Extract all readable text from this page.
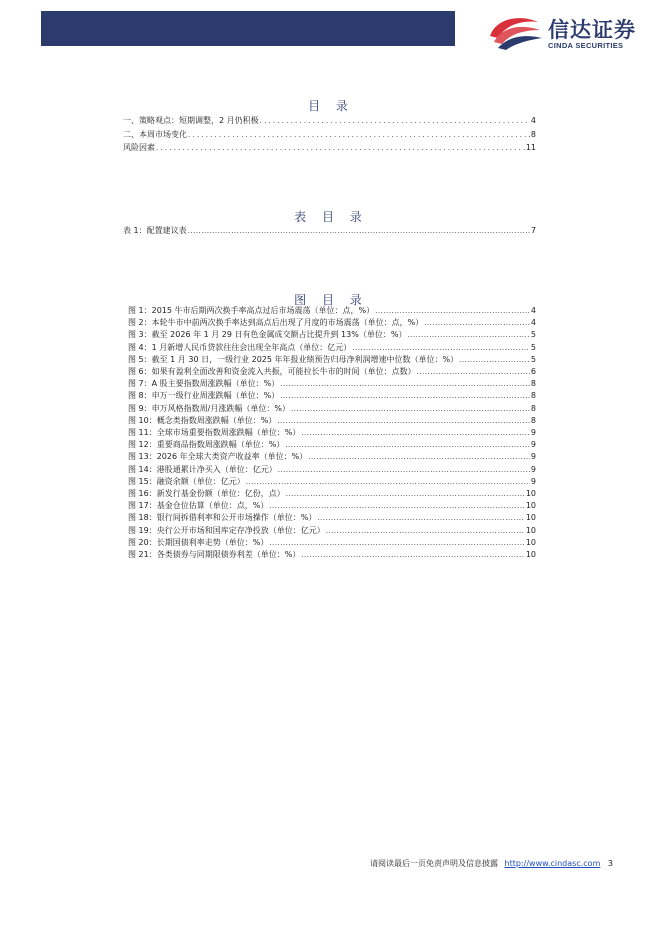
信达证券
CINDA SECURITIES
目 录
一、策略观点：短期调整，2 月仍积极 .....	4
二、本周市场变化 .....	8
风险因素 .....	11
表 目 录
表 1：配置建议表 .....	7
图 目 录
图 1：2015 牛市后期两次换手率高点过后市场震荡（单位：点，%） .....	4
图 2：本轮牛市中前两次换手率达到高点后出现了月度的市场震荡（单位：点，%） .....	4
图 3：截至 2026 年 1 月 29 日有色金属成交额占比提升到 13%（单位：%） .....	5
图 4：1 月新增人民币贷款往往会出现全年高点（单位：亿元） .....	5
图 5：截至 1 月 30 日，一级行业 2025 年年报业绩预告归母净利润增速中位数（单位：%） .....	5
图 6：如果有盈利全面改善和资金流入共振，可能拉长牛市的时间（单位：点数） .....	6
图 7：A 股主要指数周涨跌幅（单位：%） .....	8
图 8：申万一级行业周涨跌幅（单位：%） .....	8
图 9：申万风格指数周/月涨跌幅（单位：%） .....	8
图 10：概念类指数周涨跌幅（单位：%） .....	8
图 11：全球市场重要指数周涨跌幅（单位：%） .....	9
图 12：重要商品指数周涨跌幅（单位：%） .....	9
图 13：2026 年全球大类资产收益率（单位：%） .....	9
图 14：港股通累计净买入（单位：亿元） .....	9
图 15：融资余额（单位：亿元） .....	9
图 16：新发行基金份额（单位：亿份，点） .....	10
图 17：基金仓位估算（单位：点，%） .....	10
图 18：银行间拆借利率和公开市场操作（单位：%） .....	10
图 19：央行公开市场和国库定存净投放（单位：亿元） .....	10
图 20：长期国债利率走势（单位：%） .....	10
图 21：各类债券与同期限债券利差（单位：%） .....	10
请阅读最后一页免责声明及信息披露 http://www.cindasc.com 3
